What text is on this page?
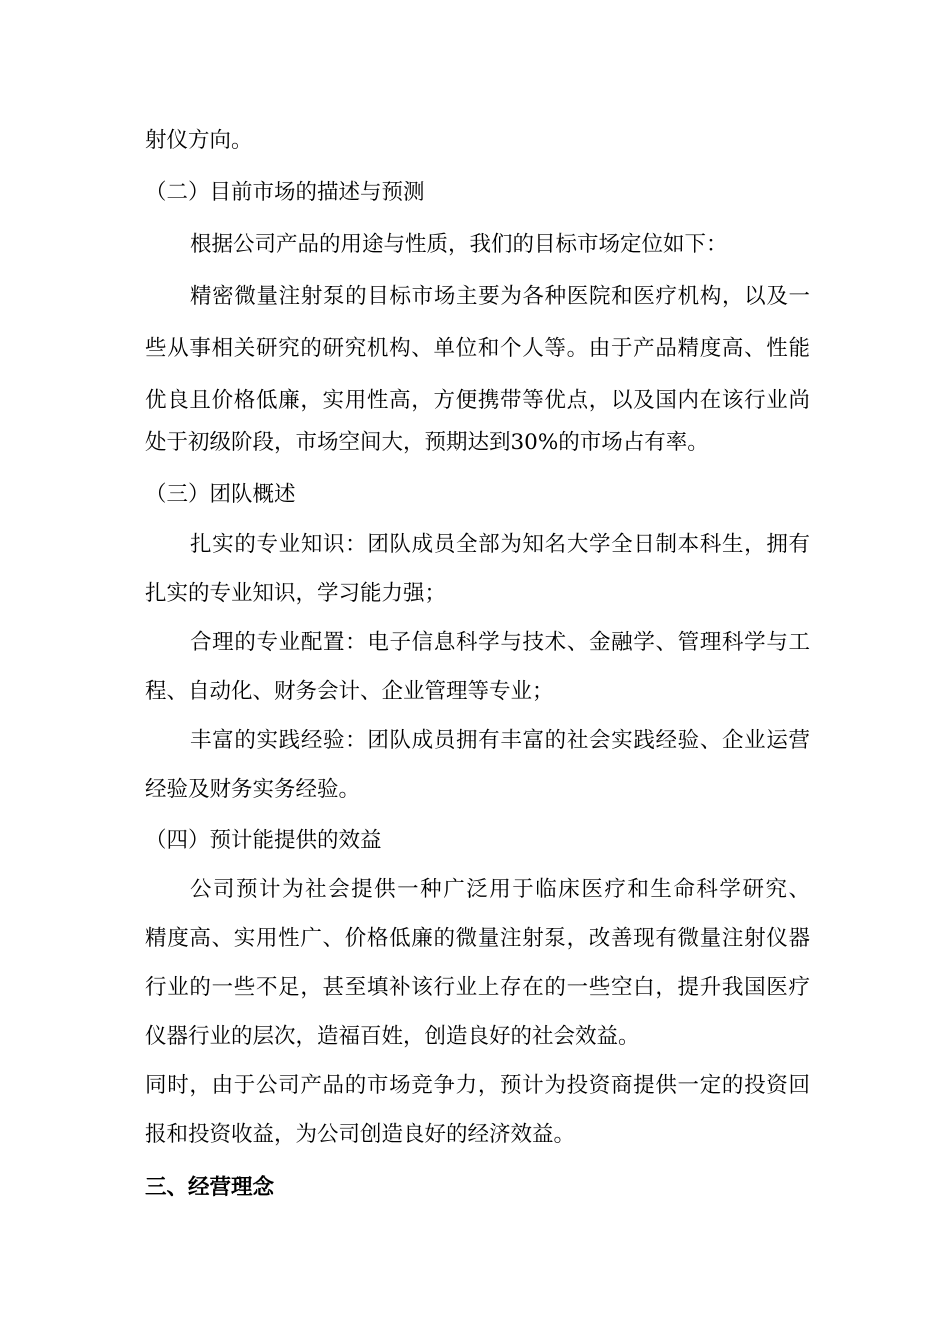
射仪方向。
（二）目前市场的描述与预测
根据公司产品的用途与性质，我们的目标市场定位如下：
精密微量注射泵的目标市场主要为各种医院和医疗机构，以及一
些从事相关研究的研究机构、单位和个人等。由于产品精度高、性能
优良且价格低廉，实用性高，方便携带等优点，以及国内在该行业尚
处于初级阶段，市场空间大，预期达到30%的市场占有率。
（三）团队概述
扎实的专业知识：团队成员全部为知名大学全日制本科生，拥有
扎实的专业知识，学习能力强；
合理的专业配置：电子信息科学与技术、金融学、管理科学与工
程、自动化、财务会计、企业管理等专业；
丰富的实践经验：团队成员拥有丰富的社会实践经验、企业运营
经验及财务实务经验。
（四）预计能提供的效益
公司预计为社会提供一种广泛用于临床医疗和生命科学研究、
精度高、实用性广、价格低廉的微量注射泵，改善现有微量注射仪器
行业的一些不足，甚至填补该行业上存在的一些空白，提升我国医疗
仪器行业的层次，造福百姓，创造良好的社会效益。
同时，由于公司产品的市场竞争力，预计为投资商提供一定的投资回
报和投资收益，为公司创造良好的经济效益。
三、经营理念
